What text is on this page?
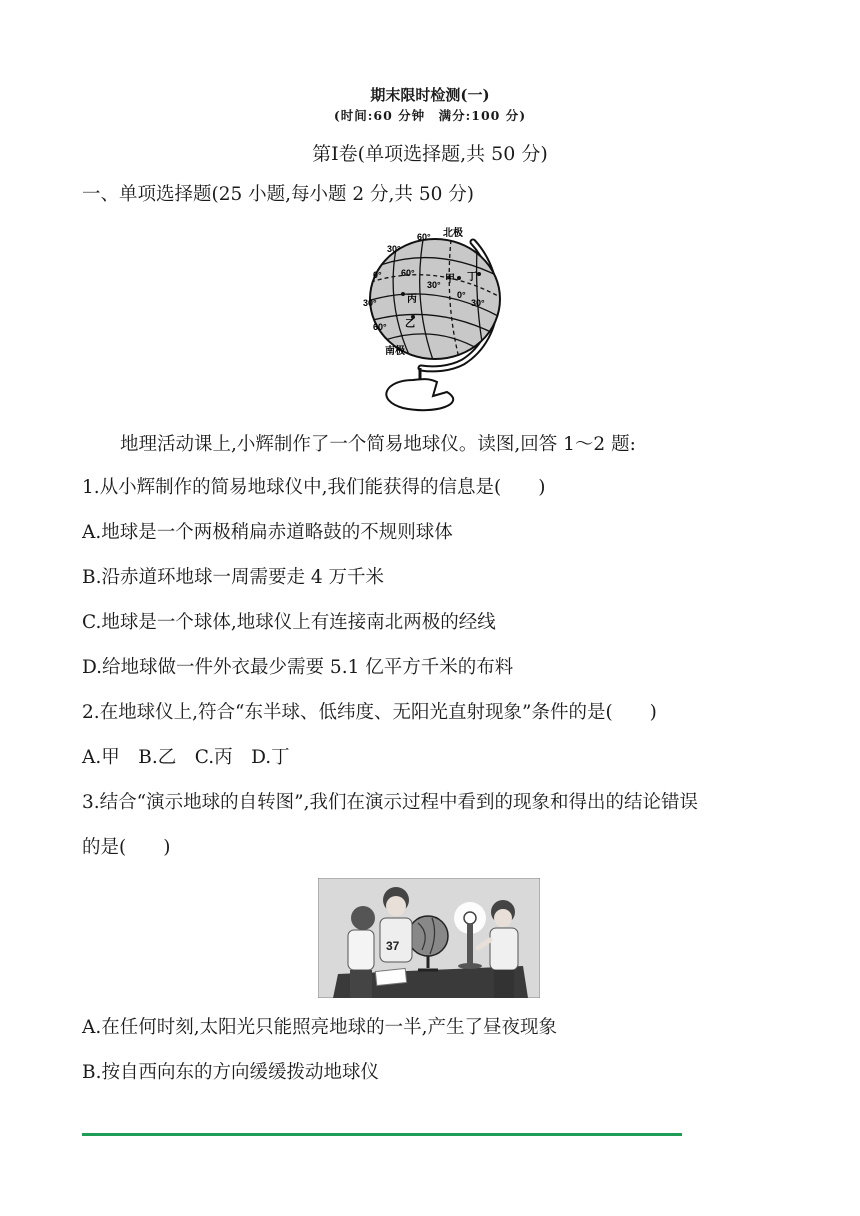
期末限时检测(一)
(时间:60 分钟　满分:100 分)
第Ⅰ卷(单项选择题,共 50 分)
一、单项选择题(25 小题,每小题 2 分,共 50 分)
北极
南极
60°
30°
0°
30°
60°
60°
30°
0°
30°
甲 丁
丙
乙
地理活动课上,小辉制作了一个简易地球仪。读图,回答 1～2 题:
1.从小辉制作的简易地球仪中,我们能获得的信息是(　　)
A.地球是一个两极稍扁赤道略鼓的不规则球体
B.沿赤道环地球一周需要走 4 万千米
C.地球是一个球体,地球仪上有连接南北两极的经线
D.给地球做一件外衣最少需要 5.1 亿平方千米的布料
2.在地球仪上,符合“东半球、低纬度、无阳光直射现象”条件的是(　　)
A.甲　B.乙　C.丙　D.丁
3.结合“演示地球的自转图”,我们在演示过程中看到的现象和得出的结论错误
的是(　　)
37
A.在任何时刻,太阳光只能照亮地球的一半,产生了昼夜现象
B.按自西向东的方向缓缓拨动地球仪
